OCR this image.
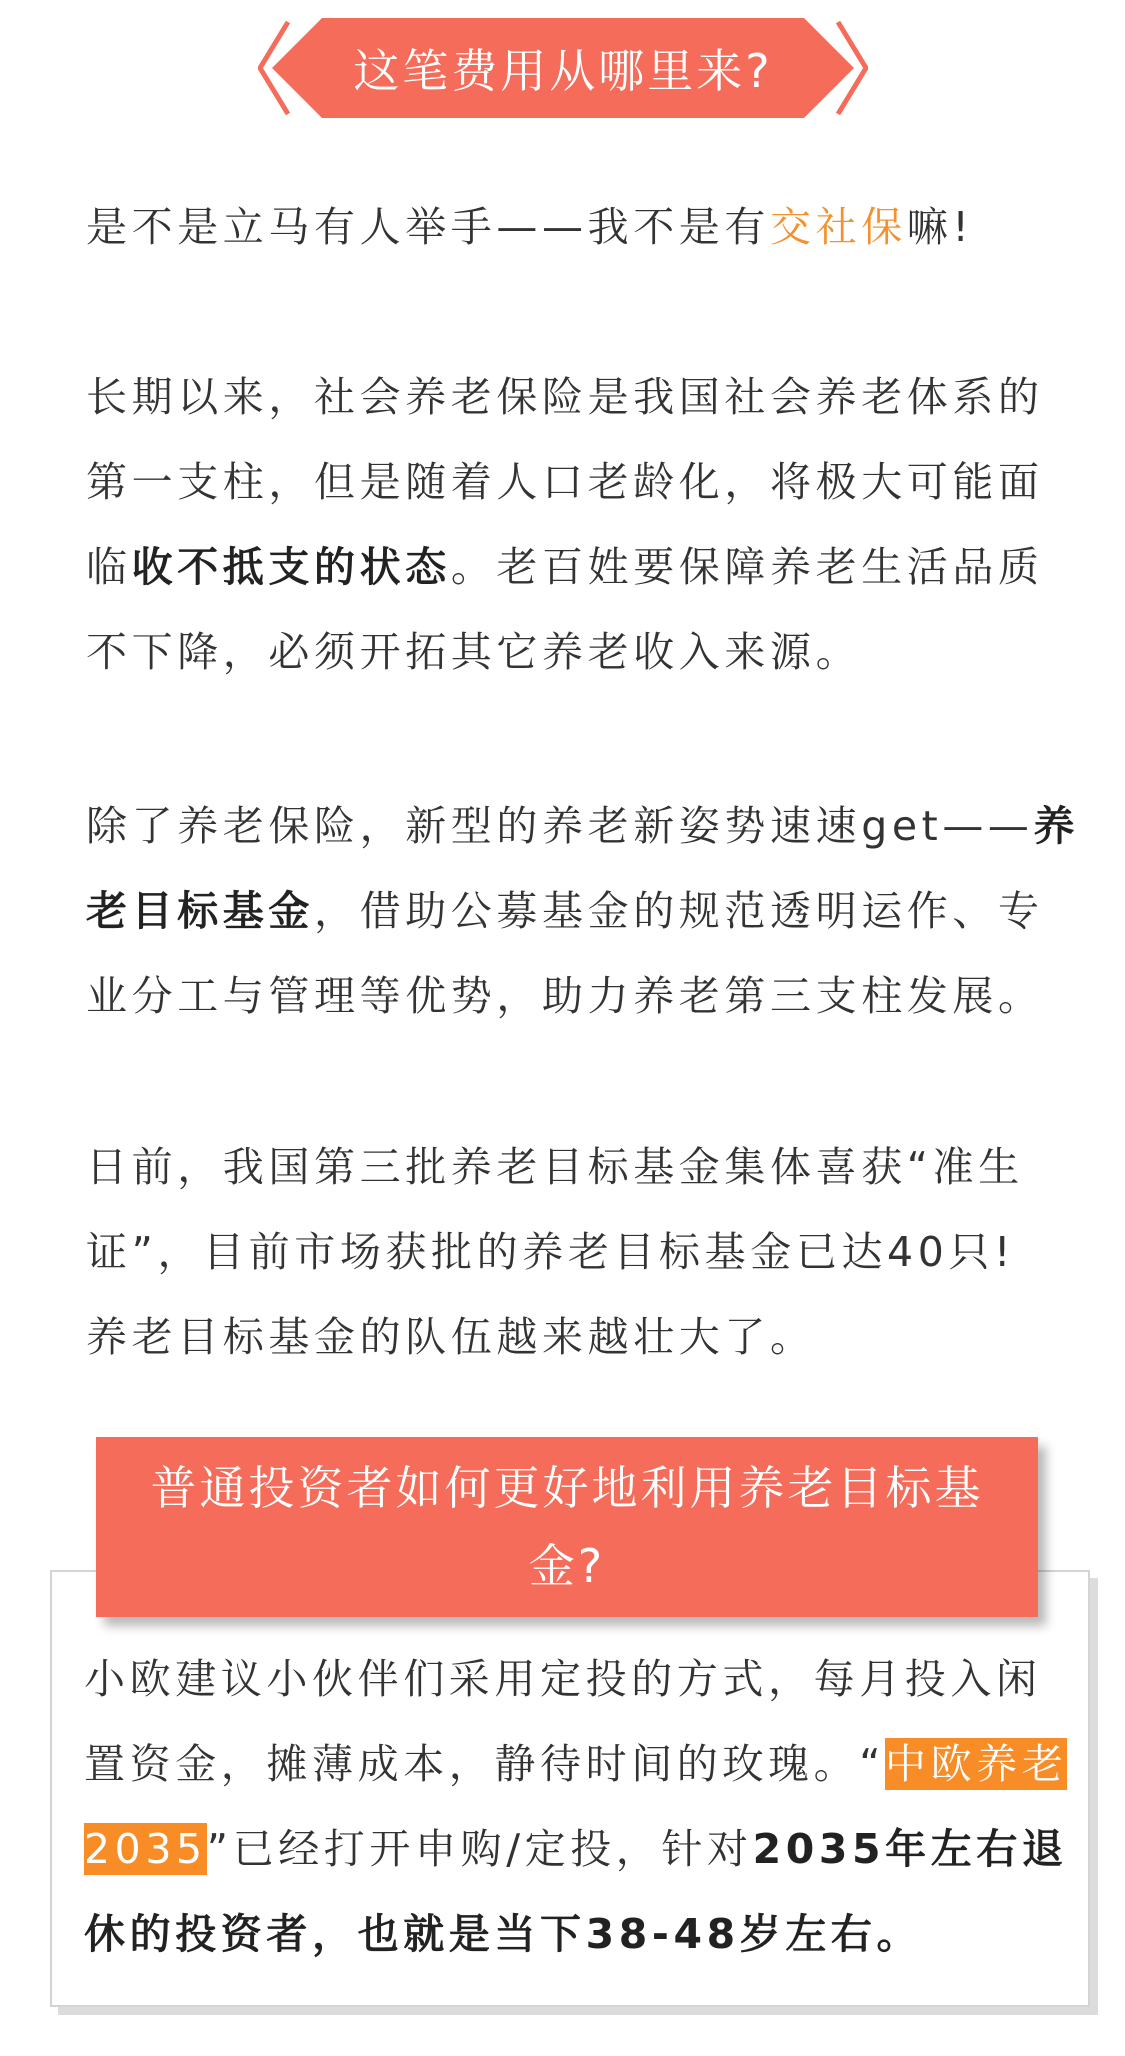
这笔费用从哪里来?

是不是立马有人举手——我不是有交社保嘛!

长期以来，社会养老保险是我国社会养老体系的
第一支柱，但是随着人口老龄化，将极大可能面
临收不抵支的状态。老百姓要保障养老生活品质
不下降，必须开拓其它养老收入来源。

除了养老保险，新型的养老新姿势速速get——养
老目标基金，借助公募基金的规范透明运作、专
业分工与管理等优势，助力养老第三支柱发展。

日前，我国第三批养老目标基金集体喜获“准生
证”，目前市场获批的养老目标基金已达40只!
养老目标基金的队伍越来越壮大了。

普通投资者如何更好地利用养老目标基金?
小欧建议小伙伴们采用定投的方式，每月投入闲
置资金，摊薄成本，静待时间的玫瑰。“中欧养老
2035”已经打开申购/定投，针对2035年左右退
休的投资者，也就是当下38-48岁左右。
